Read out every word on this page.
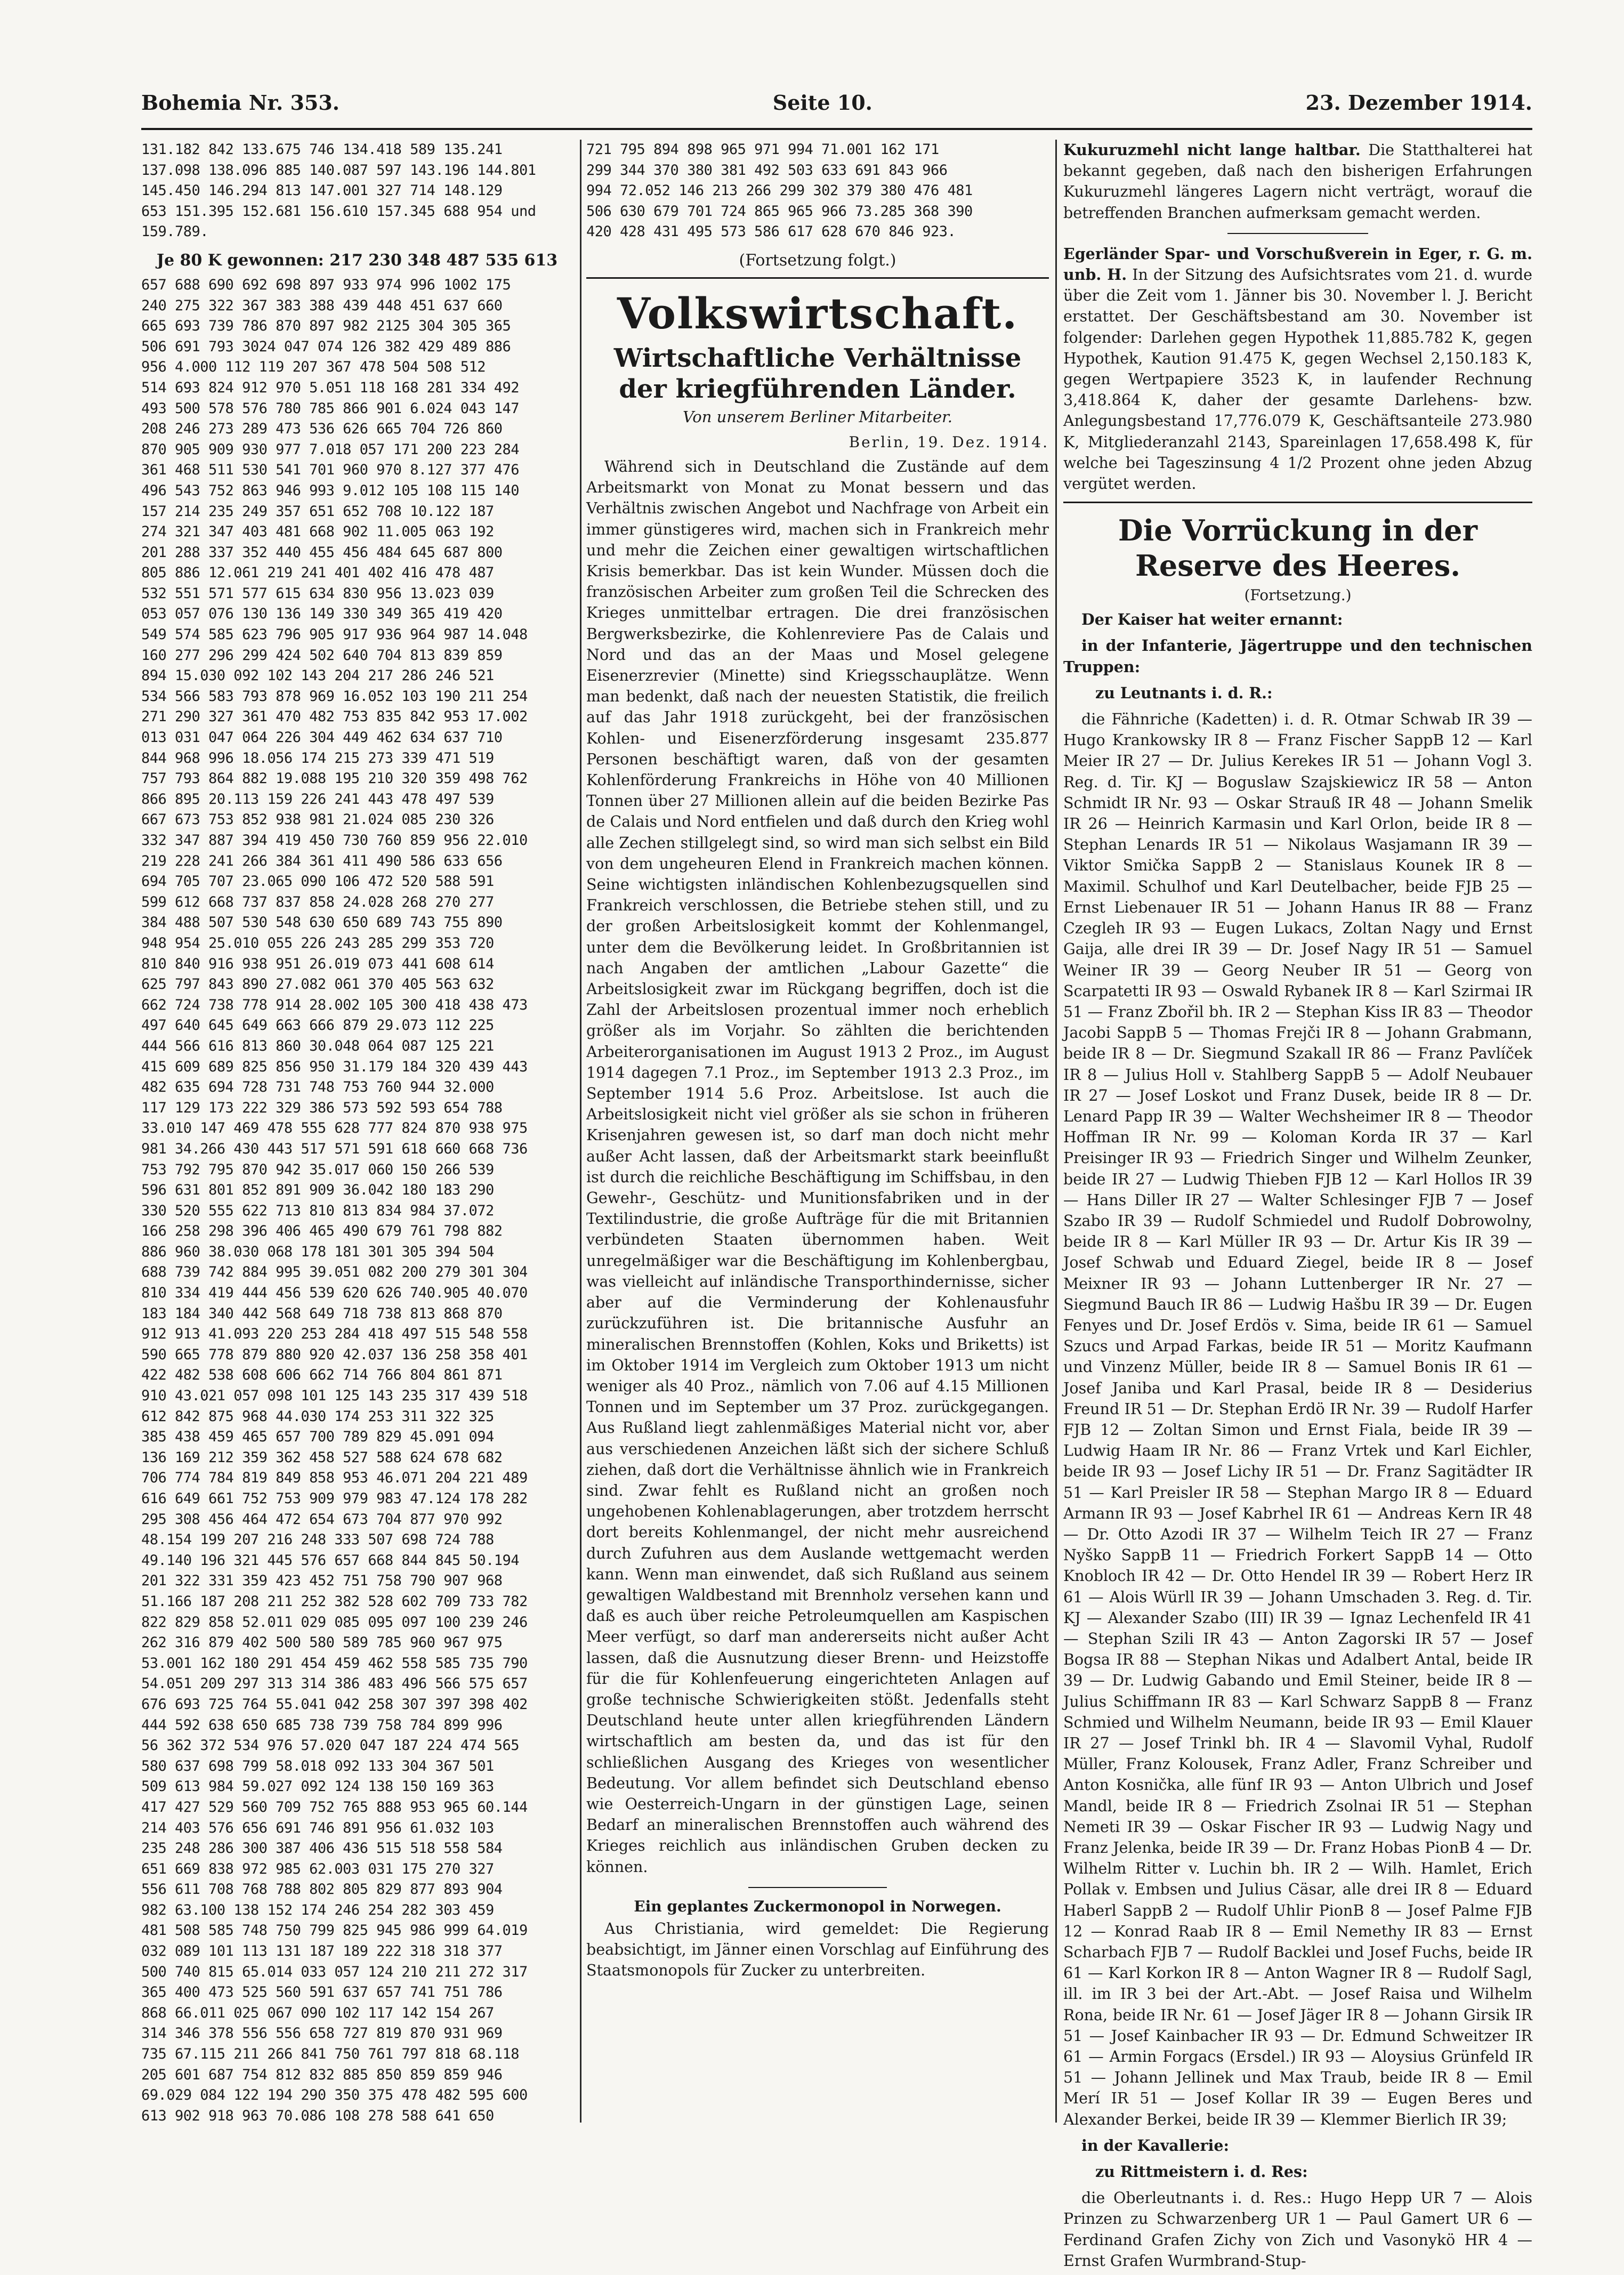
Bohemia Nr. 353.	Seite 10.	23. Dezember 1914.
131.182 842 133.675 746 134.418 589 135.241
137.098 138.096 885 140.087 597 143.196 144.801
145.450 146.294 813 147.001 327 714 148.129
653 151.395 152.681 156.610 157.345 688 954 und
159.789.
Je 80 K gewonnen: 217 230 348 487 535 613
657 688 690 692 698 897 933 974 996 1002 175
240 275 322 367 383 388 439 448 451 637 660
665 693 739 786 870 897 982 2125 304 305 365
506 691 793 3024 047 074 126 382 429 489 886
956 4.000 112 119 207 367 478 504 508 512
514 693 824 912 970 5.051 118 168 281 334 492
493 500 578 576 780 785 866 901 6.024 043 147
208 246 273 289 473 536 626 665 704 726 860
870 905 909 930 977 7.018 057 171 200 223 284
361 468 511 530 541 701 960 970 8.127 377 476
496 543 752 863 946 993 9.012 105 108 115 140
157 214 235 249 357 651 652 708 10.122 187
274 321 347 403 481 668 902 11.005 063 192
201 288 337 352 440 455 456 484 645 687 800
805 886 12.061 219 241 401 402 416 478 487
532 551 571 577 615 634 830 956 13.023 039
053 057 076 130 136 149 330 349 365 419 420
549 574 585 623 796 905 917 936 964 987 14.048
160 277 296 299 424 502 640 704 813 839 859
894 15.030 092 102 143 204 217 286 246 521
534 566 583 793 878 969 16.052 103 190 211 254
271 290 327 361 470 482 753 835 842 953 17.002
013 031 047 064 226 304 449 462 634 637 710
844 968 996 18.056 174 215 273 339 471 519
757 793 864 882 19.088 195 210 320 359 498 762
866 895 20.113 159 226 241 443 478 497 539
667 673 753 852 938 981 21.024 085 230 326
332 347 887 394 419 450 730 760 859 956 22.010
219 228 241 266 384 361 411 490 586 633 656
694 705 707 23.065 090 106 472 520 588 591
599 612 668 737 837 858 24.028 268 270 277
384 488 507 530 548 630 650 689 743 755 890
948 954 25.010 055 226 243 285 299 353 720
810 840 916 938 951 26.019 073 441 608 614
625 797 843 890 27.082 061 370 405 563 632
662 724 738 778 914 28.002 105 300 418 438 473
497 640 645 649 663 666 879 29.073 112 225
444 566 616 813 860 30.048 064 087 125 221
415 609 689 825 856 950 31.179 184 320 439 443
482 635 694 728 731 748 753 760 944 32.000
117 129 173 222 329 386 573 592 593 654 788
33.010 147 469 478 555 628 777 824 870 938 975
981 34.266 430 443 517 571 591 618 660 668 736
753 792 795 870 942 35.017 060 150 266 539
596 631 801 852 891 909 36.042 180 183 290
330 520 555 622 713 810 813 834 984 37.072
166 258 298 396 406 465 490 679 761 798 882
886 960 38.030 068 178 181 301 305 394 504
688 739 742 884 995 39.051 082 200 279 301 304
810 334 419 444 456 539 620 626 740.905 40.070
183 184 340 442 568 649 718 738 813 868 870
912 913 41.093 220 253 284 418 497 515 548 558
590 665 778 879 880 920 42.037 136 258 358 401
422 482 538 608 606 662 714 766 804 861 871
910 43.021 057 098 101 125 143 235 317 439 518
612 842 875 968 44.030 174 253 311 322 325
385 438 459 465 657 700 789 829 45.091 094
136 169 212 359 362 458 527 588 624 678 682
706 774 784 819 849 858 953 46.071 204 221 489
616 649 661 752 753 909 979 983 47.124 178 282
295 308 456 464 472 654 673 704 877 970 992
48.154 199 207 216 248 333 507 698 724 788
49.140 196 321 445 576 657 668 844 845 50.194
201 322 331 359 423 452 751 758 790 907 968
51.166 187 208 211 252 382 528 602 709 733 782
822 829 858 52.011 029 085 095 097 100 239 246
262 316 879 402 500 580 589 785 960 967 975
53.001 162 180 291 454 459 462 558 585 735 790
54.051 209 297 313 314 386 483 496 566 575 657
676 693 725 764 55.041 042 258 307 397 398 402
444 592 638 650 685 738 739 758 784 899 996
56 362 372 534 976 57.020 047 187 224 474 565
580 637 698 799 58.018 092 133 304 367 501
509 613 984 59.027 092 124 138 150 169 363
417 427 529 560 709 752 765 888 953 965 60.144
214 403 576 656 691 746 891 956 61.032 103
235 248 286 300 387 406 436 515 518 558 584
651 669 838 972 985 62.003 031 175 270 327
556 611 708 768 788 802 805 829 877 893 904
982 63.100 138 152 174 246 254 282 303 459
481 508 585 748 750 799 825 945 986 999 64.019
032 089 101 113 131 187 189 222 318 318 377
500 740 815 65.014 033 057 124 210 211 272 317
365 400 473 525 560 591 637 657 741 751 786
868 66.011 025 067 090 102 117 142 154 267
314 346 378 556 556 658 727 819 870 931 969
735 67.115 211 266 841 750 761 797 818 68.118
205 601 687 754 812 832 885 850 859 859 946
69.029 084 122 194 290 350 375 478 482 595 600
613 902 918 963 70.086 108 278 588 641 650
721 795 894 898 965 971 994 71.001 162 171
299 344 370 380 381 492 503 633 691 843 966
994 72.052 146 213 266 299 302 379 380 476 481
506 630 679 701 724 865 965 966 73.285 368 390
420 428 431 495 573 586 617 628 670 846 923.
(Fortsetzung folgt.)
Volkswirtschaft.
Wirtschaftliche Verhältnisse der kriegführenden Länder.
Von unserem Berliner Mitarbeiter.
Berlin, 19. Dez. 1914.

Während sich in Deutschland die Zustände auf dem Arbeitsmarkt von Monat zu Monat bessern und das Verhältnis zwischen Angebot und Nachfrage von Arbeit ein immer günstigeres wird, machen sich in Frankreich mehr und mehr die Zeichen einer gewaltigen wirtschaftlichen Krisis bemerkbar. Das ist kein Wunder. Müssen doch die französischen Arbeiter zum großen Teil die Schrecken des Krieges unmittelbar ertragen. Die drei französischen Bergwerksbezirke, die Kohlenreviere Pas de Calais und Nord und das an der Maas und Mosel gelegene Eisenerzrevier (Minette) sind Kriegsschauplätze. Wenn man bedenkt, daß nach der neuesten Statistik, die freilich auf das Jahr 1918 zurückgeht, bei der französischen Kohlen- und Eisenerzförderung insgesamt 235.877 Personen beschäftigt waren, daß von der gesamten Kohlenförderung Frankreichs in Höhe von 40 Millionen Tonnen über 27 Millionen allein auf die beiden Bezirke Pas de Calais und Nord entfielen und daß durch den Krieg wohl alle Zechen stillgelegt sind, so wird man sich selbst ein Bild von dem ungeheuren Elend in Frankreich machen können. Seine wichtigsten inländischen Kohlenbezugsquellen sind Frankreich verschlossen, die Betriebe stehen still, und zu der großen Arbeitslosigkeit kommt der Kohlenmangel, unter dem die Bevölkerung leidet. In Großbritannien ist nach Angaben der amtlichen „Labour Gazette“ die Arbeitslosigkeit zwar im Rückgang begriffen, doch ist die Zahl der Arbeitslosen prozentual immer noch erheblich größer als im Vorjahr. So zählten die berichtenden Arbeiterorganisationen im August 1913 2 Proz., im August 1914 dagegen 7.1 Proz., im September 1913 2.3 Proz., im September 1914 5.6 Proz. Arbeitslose. Ist auch die Arbeitslosigkeit nicht viel größer als sie schon in früheren Krisenjahren gewesen ist, so darf man doch nicht mehr außer Acht lassen, daß der Arbeitsmarkt stark beeinflußt ist durch die reichliche Beschäftigung im Schiffsbau, in den Gewehr-, Geschütz- und Munitionsfabriken und in der Textilindustrie, die große Aufträge für die mit Britannien verbündeten Staaten übernommen haben. Weit unregelmäßiger war die Beschäftigung im Kohlenbergbau, was vielleicht auf inländische Transporthindernisse, sicher aber auf die Verminderung der Kohlenausfuhr zurückzuführen ist. Die britannische Ausfuhr an mineralischen Brennstoffen (Kohlen, Koks und Briketts) ist im Oktober 1914 im Vergleich zum Oktober 1913 um nicht weniger als 40 Proz., nämlich von 7.06 auf 4.15 Millionen Tonnen und im September um 37 Proz. zurückgegangen. Aus Rußland liegt zahlenmäßiges Material nicht vor, aber aus verschiedenen Anzeichen läßt sich der sichere Schluß ziehen, daß dort die Verhältnisse ähnlich wie in Frankreich sind. Zwar fehlt es Rußland nicht an großen noch ungehobenen Kohlenablagerungen, aber trotzdem herrscht dort bereits Kohlenmangel, der nicht mehr ausreichend durch Zufuhren aus dem Auslande wettgemacht werden kann. Wenn man einwendet, daß sich Rußland aus seinem gewaltigen Waldbestand mit Brennholz versehen kann und daß es auch über reiche Petroleumquellen am Kaspischen Meer verfügt, so darf man andererseits nicht außer Acht lassen, daß die Ausnutzung dieser Brenn- und Heizstoffe für die für Kohlenfeuerung eingerichteten Anlagen auf große technische Schwierigkeiten stößt. Jedenfalls steht Deutschland heute unter allen kriegführenden Ländern wirtschaftlich am besten da, und das ist für den schließlichen Ausgang des Krieges von wesentlicher Bedeutung. Vor allem befindet sich Deutschland ebenso wie Oesterreich-Ungarn in der günstigen Lage, seinen Bedarf an mineralischen Brennstoffen auch während des Krieges reichlich aus inländischen Gruben decken zu können.

Ein geplantes Zuckermonopol in Norwegen.

Aus Christiania, wird gemeldet: Die Regierung beabsichtigt, im Jänner einen Vorschlag auf Einführung des Staatsmonopols für Zucker zu unterbreiten.

Kukuruzmehl nicht lange haltbar. Die Statthalterei hat bekannt gegeben, daß nach den bisherigen Erfahrungen Kukuruzmehl längeres Lagern nicht verträgt, worauf die betreffenden Branchen aufmerksam gemacht werden.

Egerländer Spar- und Vorschußverein in Eger, r. G. m. unb. H. In der Sitzung des Aufsichtsrates vom 21. d. wurde über die Zeit vom 1. Jänner bis 30. November l. J. Bericht erstattet. Der Geschäftsbestand am 30. November ist folgender: Darlehen gegen Hypothek 11,885.782 K, gegen Hypothek, Kaution 91.475 K, gegen Wechsel 2,150.183 K, gegen Wertpapiere 3523 K, in laufender Rechnung 3,418.864 K, daher der gesamte Darlehens- bzw. Anlegungsbestand 17,776.079 K, Geschäftsanteile 273.980 K, Mitgliederanzahl 2143, Spareinlagen 17,658.498 K, für welche bei Tageszinsung 4 1/2 Prozent ohne jeden Abzug vergütet werden.

Die Vorrückung in der Reserve des Heeres.
(Fortsetzung.)

Der Kaiser hat weiter ernannt:

in der Infanterie, Jägertruppe und den technischen Truppen:

zu Leutnants i. d. R.:

die Fähnriche (Kadetten) i. d. R. Otmar Schwab IR 39 — Hugo Krankowsky IR 8 — Franz Fischer SappB 12 — Karl Meier IR 27 — Dr. Julius Kerekes IR 51 — Johann Vogl 3. Reg. d. Tir. KJ — Boguslaw Szajskiewicz IR 58 — Anton Schmidt IR Nr. 93 — Oskar Strauß IR 48 — Johann Smelik IR 26 — Heinrich Karmasin und Karl Orlon, beide IR 8 — Stephan Lenards IR 51 — Nikolaus Wasjamann IR 39 — Viktor Smička SappB 2 — Stanislaus Kounek IR 8 — Maximil. Schulhof und Karl Deutelbacher, beide FJB 25 — Ernst Liebenauer IR 51 — Johann Hanus IR 88 — Franz Czegleh IR 93 — Eugen Lukacs, Zoltan Nagy und Ernst Gaija, alle drei IR 39 — Dr. Josef Nagy IR 51 — Samuel Weiner IR 39 — Georg Neuber IR 51 — Georg von Scarpatetti IR 93 — Oswald Rybanek IR 8 — Karl Szirmai IR 51 — Franz Zbořil bh. IR 2 — Stephan Kiss IR 83 — Theodor Jacobi SappB 5 — Thomas Frejči IR 8 — Johann Grabmann, beide IR 8 — Dr. Siegmund Szakall IR 86 — Franz Pavlíček IR 8 — Julius Holl v. Stahlberg SappB 5 — Adolf Neubauer IR 27 — Josef Loskot und Franz Dusek, beide IR 8 — Dr. Lenard Papp IR 39 — Walter Wechsheimer IR 8 — Theodor Hoffman IR Nr. 99 — Koloman Korda IR 37 — Karl Preisinger IR 93 — Friedrich Singer und Wilhelm Zeunker, beide IR 27 — Ludwig Thieben FJB 12 — Karl Hollos IR 39 — Hans Diller IR 27 — Walter Schlesinger FJB 7 — Josef Szabo IR 39 — Rudolf Schmiedel und Rudolf Dobrowolny, beide IR 8 — Karl Müller IR 93 — Dr. Artur Kis IR 39 — Josef Schwab und Eduard Ziegel, beide IR 8 — Josef Meixner IR 93 — Johann Luttenberger IR Nr. 27 — Siegmund Bauch IR 86 — Ludwig Hašbu IR 39 — Dr. Eugen Fenyes und Dr. Josef Erdös v. Sima, beide IR 61 — Samuel Szucs und Arpad Farkas, beide IR 51 — Moritz Kaufmann und Vinzenz Müller, beide IR 8 — Samuel Bonis IR 61 — Josef Janiba und Karl Prasal, beide IR 8 — Desiderius Freund IR 51 — Dr. Stephan Erdö IR Nr. 39 — Rudolf Harfer FJB 12 — Zoltan Simon und Ernst Fiala, beide IR 39 — Ludwig Haam IR Nr. 86 — Franz Vrtek und Karl Eichler, beide IR 93 — Josef Lichy IR 51 — Dr. Franz Sagitädter IR 51 — Karl Preisler IR 58 — Stephan Margo IR 8 — Eduard Armann IR 93 — Josef Kabrhel IR 61 — Andreas Kern IR 48 — Dr. Otto Azodi IR 37 — Wilhelm Teich IR 27 — Franz Nyško SappB 11 — Friedrich Forkert SappB 14 — Otto Knobloch IR 42 — Dr. Otto Hendel IR 39 — Robert Herz IR 61 — Alois Würll IR 39 — Johann Umschaden 3. Reg. d. Tir. KJ — Alexander Szabo (III) IR 39 — Ignaz Lechenfeld IR 41 — Stephan Szili IR 43 — Anton Zagorski IR 57 — Josef Bogsa IR 88 — Stephan Nikas und Adalbert Antal, beide IR 39 — Dr. Ludwig Gabando und Emil Steiner, beide IR 8 — Julius Schiffmann IR 83 — Karl Schwarz SappB 8 — Franz Schmied und Wilhelm Neumann, beide IR 93 — Emil Klauer IR 27 — Josef Trinkl bh. IR 4 — Slavomil Vyhal, Rudolf Müller, Franz Kolousek, Franz Adler, Franz Schreiber und Anton Kosnička, alle fünf IR 93 — Anton Ulbrich und Josef Mandl, beide IR 8 — Friedrich Zsolnai IR 51 — Stephan Nemeti IR 39 — Oskar Fischer IR 93 — Ludwig Nagy und Franz Jelenka, beide IR 39 — Dr. Franz Hobas PionB 4 — Dr. Wilhelm Ritter v. Luchin bh. IR 2 — Wilh. Hamlet, Erich Pollak v. Embsen und Julius Cäsar, alle drei IR 8 — Eduard Haberl SappB 2 — Rudolf Uhlir PionB 8 — Josef Palme FJB 12 — Konrad Raab IR 8 — Emil Nemethy IR 83 — Ernst Scharbach FJB 7 — Rudolf Backlei und Josef Fuchs, beide IR 61 — Karl Korkon IR 8 — Anton Wagner IR 8 — Rudolf Sagl, ill. im IR 3 bei der Art.-Abt. — Josef Raisa und Wilhelm Rona, beide IR Nr. 61 — Josef Jäger IR 8 — Johann Girsik IR 51 — Josef Kainbacher IR 93 — Dr. Edmund Schweitzer IR 61 — Armin Forgacs (Ersdel.) IR 93 — Aloysius Grünfeld IR 51 — Johann Jellinek und Max Traub, beide IR 8 — Emil Merí IR 51 — Josef Kollar IR 39 — Eugen Beres und Alexander Berkei, beide IR 39 — Klemmer Bierlich IR 39;

in der Kavallerie:

zu Rittmeistern i. d. Res:

die Oberleutnants i. d. Res.: Hugo Hepp UR 7 — Alois Prinzen zu Schwarzenberg UR 1 — Paul Gamert UR 6 — Ferdinand Grafen Zichy von Zich und Vasonykö HR 4 — Ernst Grafen Wurmbrand-Stup-
